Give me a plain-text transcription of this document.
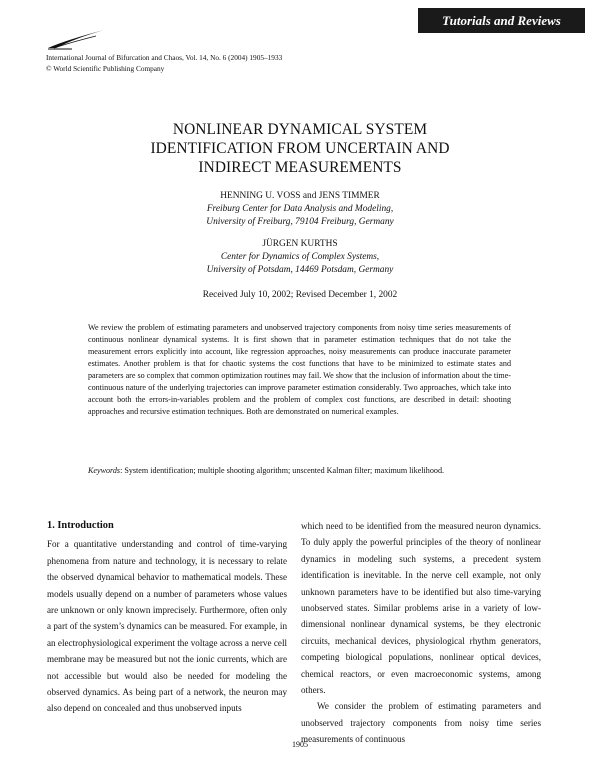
Tutorials and Reviews
International Journal of Bifurcation and Chaos, Vol. 14, No. 6 (2004) 1905–1933
© World Scientific Publishing Company
NONLINEAR DYNAMICAL SYSTEM
IDENTIFICATION FROM UNCERTAIN AND
INDIRECT MEASUREMENTS
HENNING U. VOSS and JENS TIMMER
Freiburg Center for Data Analysis and Modeling,
University of Freiburg, 79104 Freiburg, Germany
JÜRGEN KURTHS
Center for Dynamics of Complex Systems,
University of Potsdam, 14469 Potsdam, Germany
Received July 10, 2002; Revised December 1, 2002
We review the problem of estimating parameters and unobserved trajectory components from noisy time series measurements of continuous nonlinear dynamical systems. It is first shown that in parameter estimation techniques that do not take the measurement errors explicitly into account, like regression approaches, noisy measurements can produce inaccurate parameter estimates. Another problem is that for chaotic systems the cost functions that have to be minimized to estimate states and parameters are so complex that common optimization routines may fail. We show that the inclusion of information about the time-continuous nature of the underlying trajectories can improve parameter estimation considerably. Two approaches, which take into account both the errors-in-variables problem and the problem of complex cost functions, are described in detail: shooting approaches and recursive estimation techniques. Both are demonstrated on numerical examples.
Keywords: System identification; multiple shooting algorithm; unscented Kalman filter; maximum likelihood.
1. Introduction

For a quantitative understanding and control of time-varying phenomena from nature and technology, it is necessary to relate the observed dynamical behavior to mathematical models. These models usually depend on a number of parameters whose values are unknown or only known imprecisely. Furthermore, often only a part of the system’s dynamics can be measured. For example, in an electrophysiological experiment the voltage across a nerve cell membrane may be measured but not the ionic currents, which are not accessible but would also be needed for modeling the observed dynamics. As being part of a network, the neuron may also depend on concealed and thus unobserved inputs

which need to be identified from the measured neuron dynamics. To duly apply the powerful principles of the theory of nonlinear dynamics in modeling such systems, a precedent system identification is inevitable. In the nerve cell example, not only unknown parameters have to be identified but also time-varying unobserved states. Similar problems arise in a variety of low-dimensional nonlinear dynamical systems, be they electronic circuits, mechanical devices, physiological rhythm generators, competing biological populations, nonlinear optical devices, chemical reactors, or even macroeconomic systems, among others.

We consider the problem of estimating parameters and unobserved trajectory components from noisy time series measurements of continuous

1905
